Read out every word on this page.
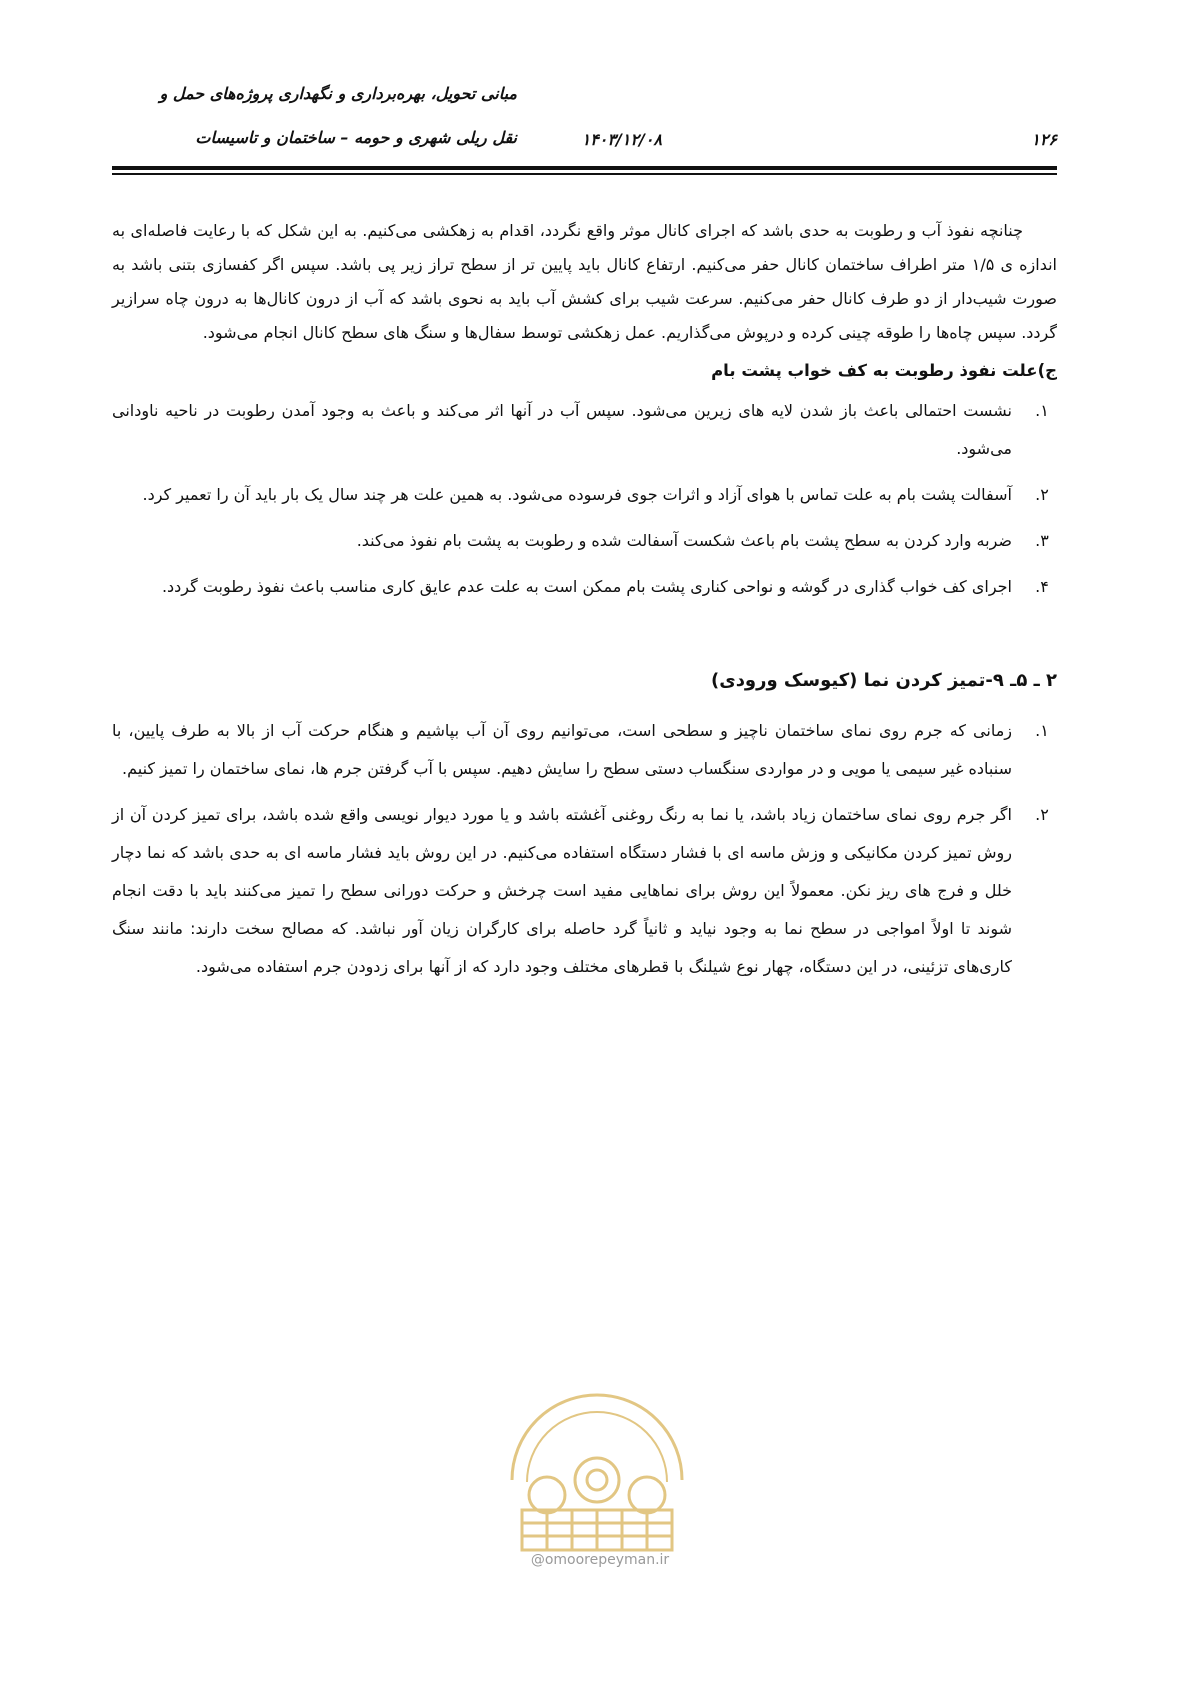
مبانی تحویل، بهره‌برداری و نگهداری پروژه‌های حمل و
نقل ریلی شهری و حومه – ساختمان و تاسیسات	۱۴۰۳/۱۲/۰۸	۱۲۶

چنانچه نفوذ آب و رطوبت به حدی باشد که اجرای کانال موثر واقع نگردد، اقدام به زهکشی می‌کنیم. به این شکل که با رعایت فاصله‌ای به اندازه ی ۱/۵ متر اطراف ساختمان کانال حفر می‌کنیم. ارتفاع کانال باید پایین تر از سطح تراز زیر پی باشد. سپس اگر کفسازی بتنی باشد به صورت شیب‌دار از دو طرف کانال حفر می‌کنیم. سرعت شیب برای کشش آب باید به نحوی باشد که آب از درون کانال‌ها به درون چاه سرازیر گردد. سپس چاه‌ها را طوقه چینی کرده و درپوش می‌گذاریم. عمل زهکشی توسط سفال‌ها و سنگ های سطح کانال انجام می‌شود.

ج)علت نفوذ رطوبت به کف خواب پشت بام
۱.
نشست احتمالی باعث باز شدن لایه های زیرین می‌شود. سپس آب در آنها اثر می‌کند و باعث به وجود آمدن رطوبت در ناحیه ناودانی می‌شود.
۲.
آسفالت پشت بام به علت تماس با هوای آزاد و اثرات جوی فرسوده می‌شود. به همین علت هر چند سال یک بار باید آن را تعمیر کرد.
۳.
ضربه وارد کردن به سطح پشت بام باعث شکست آسفالت شده و رطوبت به پشت بام نفوذ می‌کند.
۴.
اجرای کف خواب گذاری در گوشه و نواحی کناری پشت بام ممکن است به علت عدم عایق کاری مناسب باعث نفوذ رطوبت گردد.
۲ ـ ۵ـ ۹-تمیز کردن نما (کیوسک ورودی)
۱.
زمانی که جرم روی نمای ساختمان ناچیز و سطحی است، می‌توانیم روی آن آب بپاشیم و هنگام حرکت آب از بالا به طرف پایین، با سنباده غیر سیمی یا مویی و در مواردی سنگساب دستی سطح را سایش دهیم. سپس با آب گرفتن جرم ها، نمای ساختمان را تمیز کنیم.
۲.
اگر جرم روی نمای ساختمان زیاد باشد، یا نما به رنگ روغنی آغشته باشد و یا مورد دیوار نویسی واقع شده باشد، برای تمیز کردن آن از روش تمیز کردن مکانیکی و وزش ماسه ای با فشار دستگاه استفاده می‌کنیم. در این روش باید فشار ماسه ای به حدی باشد که نما دچار خلل و فرج های ریز نکن. معمولاً این روش برای نماهایی مفید است چرخش و حرکت دورانی سطح را تمیز می‌کنند باید با دقت انجام شوند تا اولاً امواجی در سطح نما به وجود نیاید و ثانیاً گرد حاصله برای کارگران زیان آور نباشد. که مصالح سخت دارند: مانند سنگ کاری‌های تزئینی، در این دستگاه، چهار نوع شیلنگ با قطرهای مختلف وجود دارد که از آنها برای زدودن جرم استفاده می‌شود.
@omoorepeyman.ir
